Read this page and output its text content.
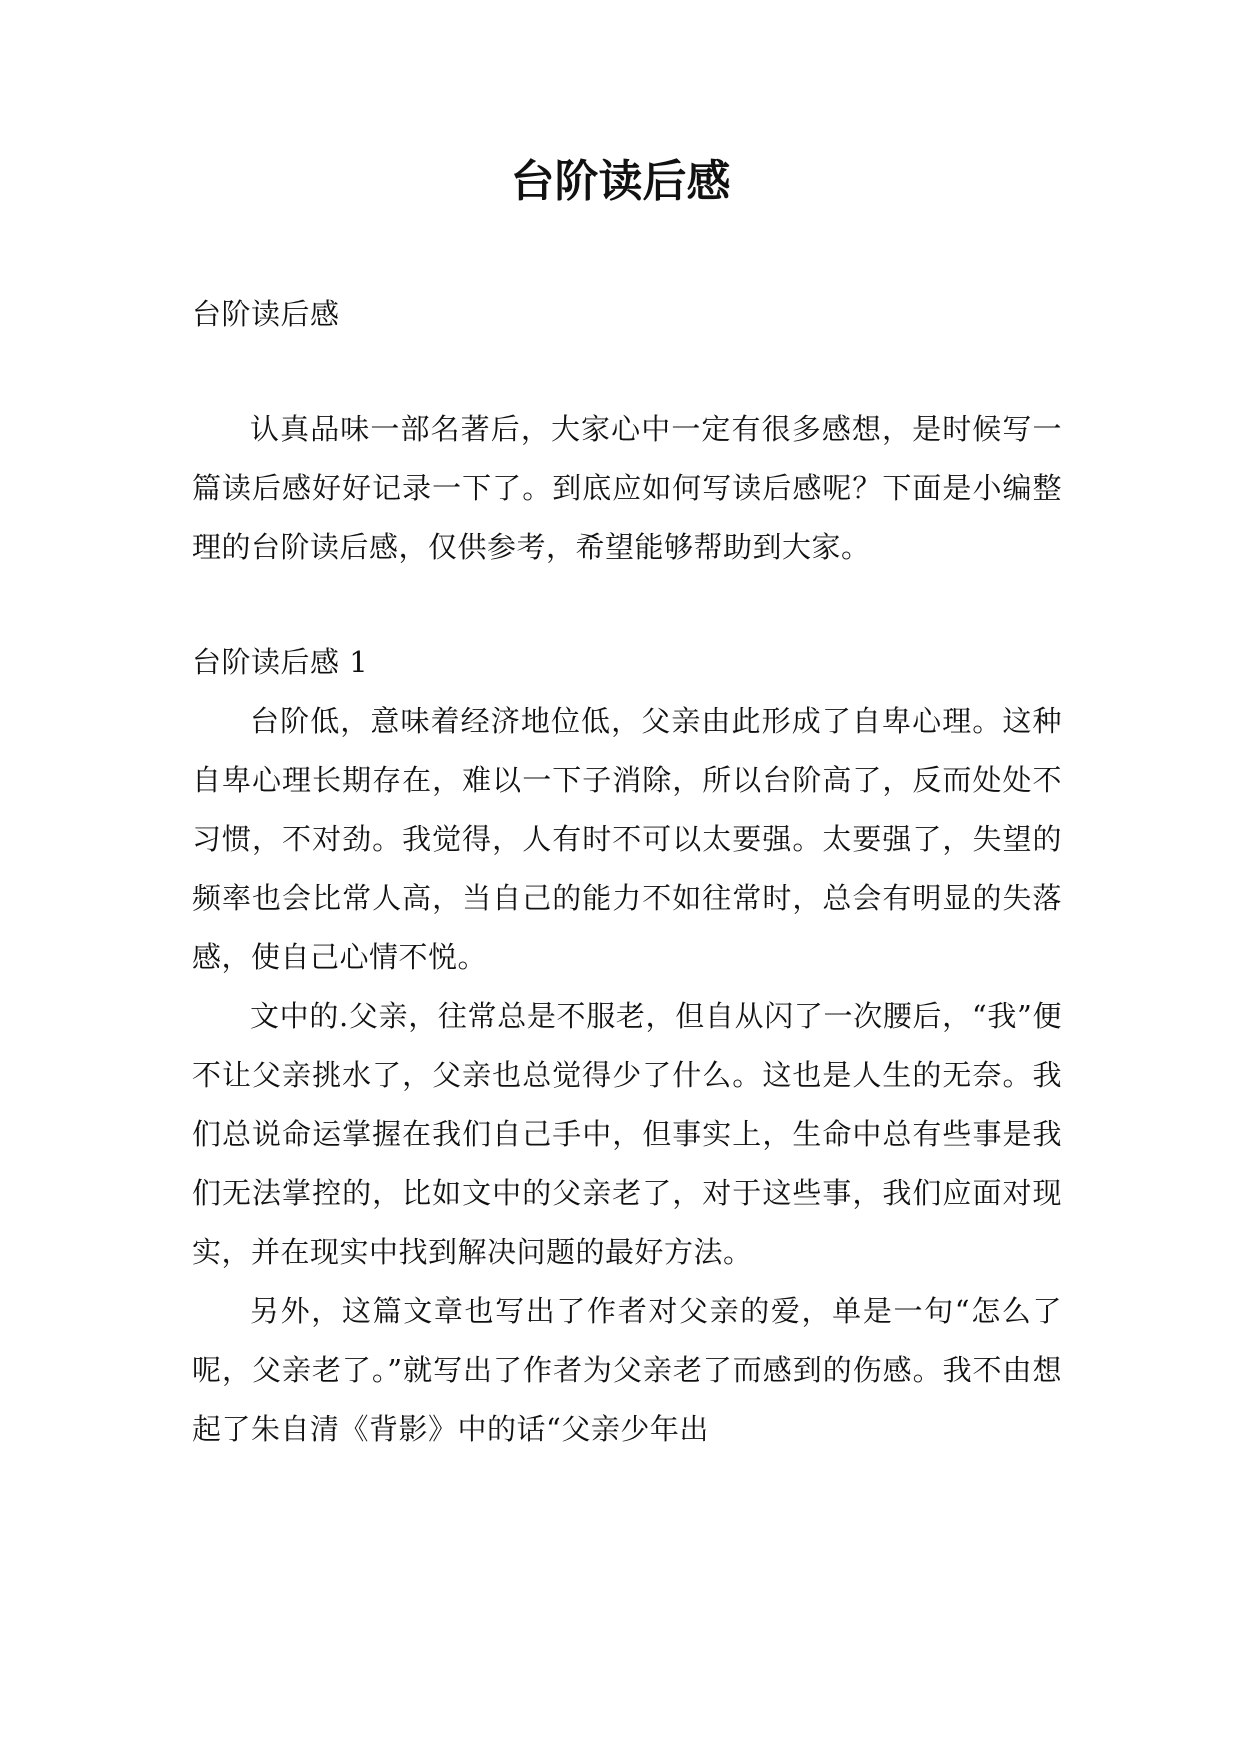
台阶读后感

台阶读后感

认真品味一部名著后，大家心中一定有很多感想，是时候写一篇读后感好好记录一下了。到底应如何写读后感呢？下面是小编整理的台阶读后感，仅供参考，希望能够帮助到大家。

台阶读后感 1

台阶低，意味着经济地位低，父亲由此形成了自卑心理。这种自卑心理长期存在，难以一下子消除，所以台阶高了，反而处处不习惯，不对劲。我觉得，人有时不可以太要强。太要强了，失望的频率也会比常人高，当自己的能力不如往常时，总会有明显的失落感，使自己心情不悦。

文中的.父亲，往常总是不服老，但自从闪了一次腰后，“我”便不让父亲挑水了，父亲也总觉得少了什么。这也是人生的无奈。我们总说命运掌握在我们自己手中，但事实上，生命中总有些事是我们无法掌控的，比如文中的父亲老了，对于这些事，我们应面对现实，并在现实中找到解决问题的最好方法。

另外，这篇文章也写出了作者对父亲的爱，单是一句“怎么了呢，父亲老了。”就写出了作者为父亲老了而感到的伤感。我不由想起了朱自清《背影》中的话“父亲少年出
